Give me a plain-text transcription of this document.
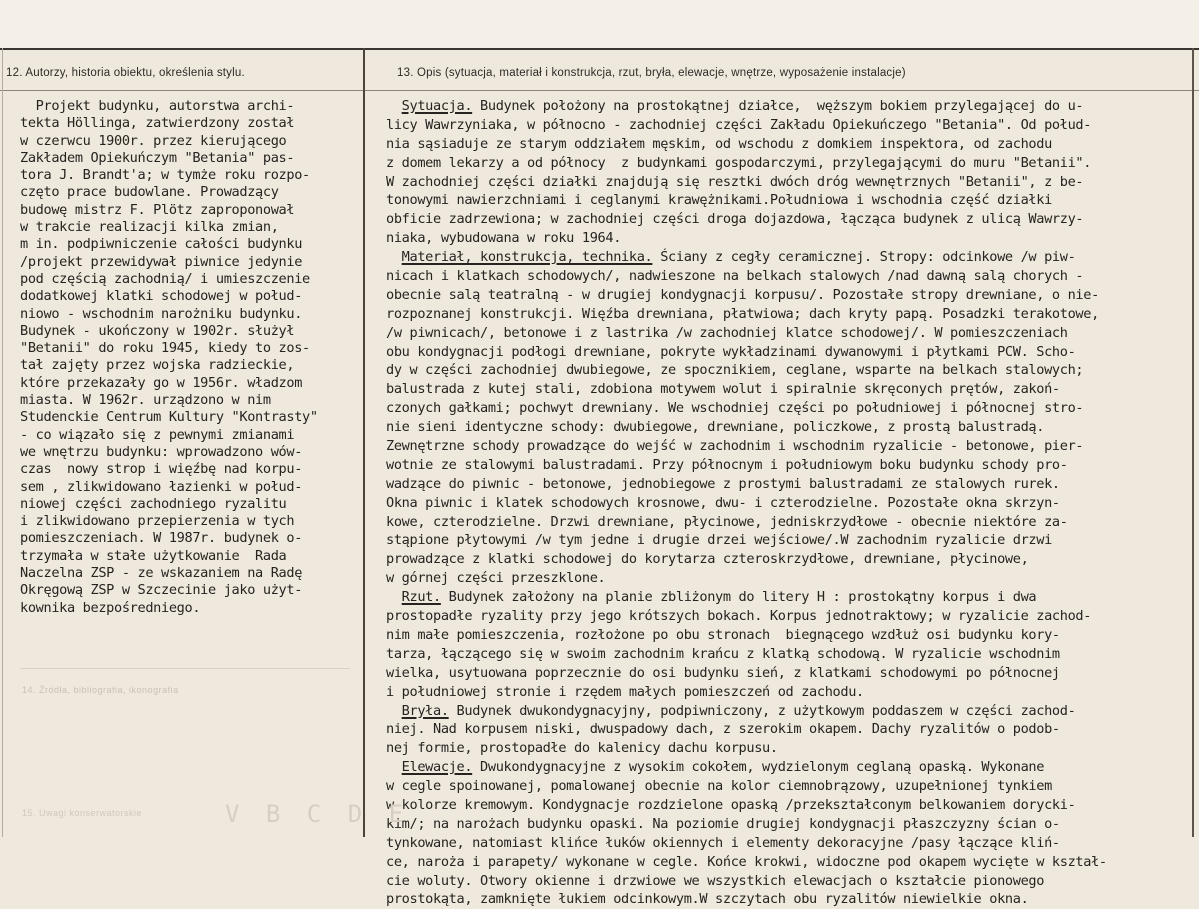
12. Autorzy, historia obiektu, określenia stylu.	13. Opis (sytuacja, materiał i konstrukcja, rzut, bryła, elewacje, wnętrze, wyposażenie instalacje)
Projekt budynku, autorstwa archi-
tekta Höllinga, zatwierdzony został
w czerwcu 1900r. przez kierującego
Zakładem Opiekuńczym "Betania" pas-
tora J. Brandt'a; w tymże roku rozpo-
częto prace budowlane. Prowadzący
budowę mistrz F. Plötz zaproponował
w trakcie realizacji kilka zmian,
m in. podpiwniczenie całości budynku
/projekt przewidywał piwnice jedynie
pod częścią zachodnią/ i umieszczenie
dodatkowej klatki schodowej w połud-
niowo - wschodnim narożniku budynku.
Budynek - ukończony w 1902r. służył
"Betanii" do roku 1945, kiedy to zos-
tał zajęty przez wojska radzieckie,
które przekazały go w 1956r. władzom
miasta. W 1962r. urządzono w nim
Studenckie Centrum Kultury "Kontrasty"
- co wiązało się z pewnymi zmianami
we wnętrzu budynku: wprowadzono wów-
czas  nowy strop i więźbę nad korpu-
sem , zlikwidowano łazienki w połud-
niowej części zachodniego ryzalitu
i zlikwidowano przepierzenia w tych
pomieszczeniach. W 1987r. budynek o-
trzymała w stałe użytkowanie  Rada
Naczelna ZSP - ze wskazaniem na Radę
Okręgową ZSP w Szczecinie jako użyt-
kownika bezpośredniego.
Sytuacja. Budynek położony na prostokątnej działce,  węższym bokiem przylegającej do u-
licy Wawrzyniaka, w północno - zachodniej części Zakładu Opiekuńczego "Betania". Od połud-
nia sąsiaduje ze starym oddziałem męskim, od wschodu z domkiem inspektora, od zachodu
z domem lekarzy a od północy  z budynkami gospodarczymi, przylegającymi do muru "Betanii".
W zachodniej części działki znajdują się resztki dwóch dróg wewnętrznych "Betanii", z be-
tonowymi nawierzchniami i ceglanymi krawężnikami.Południowa i wschodnia część działki
obficie zadrzewiona; w zachodniej części droga dojazdowa, łącząca budynek z ulicą Wawrzy-
niaka, wybudowana w roku 1964.
Materiał, konstrukcja, technika. Ściany z cegły ceramicznej. Stropy: odcinkowe /w piw-
nicach i klatkach schodowych/, nadwieszone na belkach stalowych /nad dawną salą chorych -
obecnie salą teatralną - w drugiej kondygnacji korpusu/. Pozostałe stropy drewniane, o nie-
rozpoznanej konstrukcji. Więźba drewniana, płatwiowa; dach kryty papą. Posadzki terakotowe,
/w piwnicach/, betonowe i z lastrika /w zachodniej klatce schodowej/. W pomieszczeniach
obu kondygnacji podłogi drewniane, pokryte wykładzinami dywanowymi i płytkami PCW. Scho-
dy w części zachodniej dwubiegowe, ze spocznikiem, ceglane, wsparte na belkach stalowych;
balustrada z kutej stali, zdobiona motywem wolut i spiralnie skręconych prętów, zakoń-
czonych gałkami; pochwyt drewniany. We wschodniej części po południowej i północnej stro-
nie sieni identyczne schody: dwubiegowe, drewniane, policzkowe, z prostą balustradą.
Zewnętrzne schody prowadzące do wejść w zachodnim i wschodnim ryzalicie - betonowe, pier-
wotnie ze stalowymi balustradami. Przy północnym i południowym boku budynku schody pro-
wadzące do piwnic - betonowe, jednobiegowe z prostymi balustradami ze stalowych rurek.
Okna piwnic i klatek schodowych krosnowe, dwu- i czterodzielne. Pozostałe okna skrzyn-
kowe, czterodzielne. Drzwi drewniane, płycinowe, jedniskrzydłowe - obecnie niektóre za-
stąpione płytowymi /w tym jedne i drugie drzei wejściowe/.W zachodnim ryzalicie drzwi
prowadzące z klatki schodowej do korytarza czteroskrzydłowe, drewniane, płycinowe,
w górnej części przeszklone.
Rzut. Budynek założony na planie zbliżonym do litery H : prostokątny korpus i dwa
prostopadłe ryzality przy jego krótszych bokach. Korpus jednotraktowy; w ryzalicie zachod-
nim małe pomieszczenia, rozłożone po obu stronach  biegnącego wzdłuż osi budynku kory-
tarza, łączącego się w swoim zachodnim krańcu z klatką schodową. W ryzalicie wschodnim
wielka, usytuowana poprzecznie do osi budynku sień, z klatkami schodowymi po północnej
i południowej stronie i rzędem małych pomieszczeń od zachodu.
Bryła. Budynek dwukondygnacyjny, podpiwniczony, z użytkowym poddaszem w części zachod-
niej. Nad korpusem niski, dwuspadowy dach, z szerokim okapem. Dachy ryzalitów o podob-
nej formie, prostopadłe do kalenicy dachu korpusu.
Elewacje. Dwukondygnacyjne z wysokim cokołem, wydzielonym ceglaną opaską. Wykonane
w cegle spoinowanej, pomalowanej obecnie na kolor ciemnobrązowy, uzupełnionej tynkiem
w kolorze kremowym. Kondygnacje rozdzielone opaską /przekształconym belkowaniem dorycki-
kim/; na narożach budynku opaski. Na poziomie drugiej kondygnacji płaszczyzny ścian o-
tynkowane, natomiast klińce łuków okiennych i elementy dekoracyjne /pasy łączące kliń-
ce, naroża i parapety/ wykonane w cegle. Końce krokwi, widoczne pod okapem wycięte w kształ-
cie woluty. Otwory okienne i drzwiowe we wszystkich elewacjach o kształcie pionowego
prostokąta, zamknięte łukiem odcinkowym.W szczytach obu ryzalitów niewielkie okna.
14. Źródła, bibliografia, ikonografia
15. Uwagi konserwatorskie	V B C D E
